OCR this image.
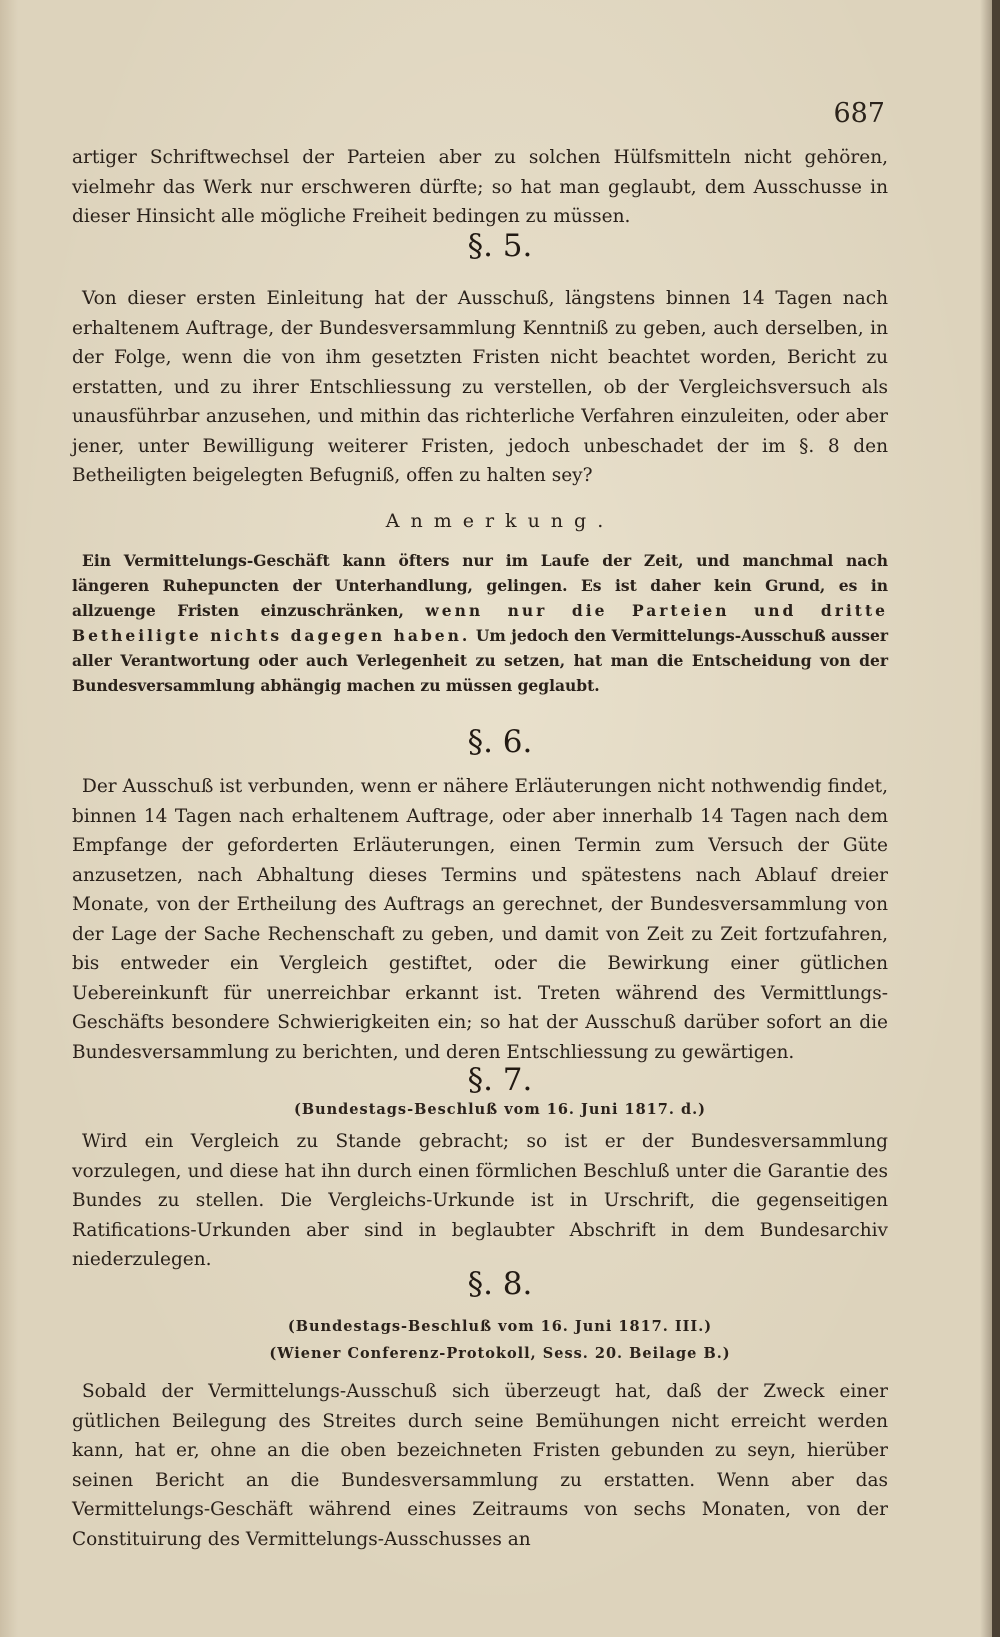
687
artiger Schriftwechsel der Parteien aber zu solchen Hülfsmitteln nicht gehören, vielmehr das Werk nur erschweren dürfte; so hat man geglaubt, dem Ausschusse in dieser Hinsicht alle mögliche Freiheit bedingen zu müssen.
§. 5.
Von dieser ersten Einleitung hat der Ausschuß, längstens binnen 14 Tagen nach erhaltenem Auftrage, der Bundesversammlung Kenntniß zu geben, auch derselben, in der Folge, wenn die von ihm gesetzten Fristen nicht beachtet worden, Bericht zu erstatten, und zu ihrer Entschliessung zu verstellen, ob der Vergleichsversuch als unausführbar anzusehen, und mithin das richterliche Verfahren einzuleiten, oder aber jener, unter Bewilligung weiterer Fristen, jedoch unbeschadet der im §. 8 den Betheiligten beigelegten Befugniß, offen zu halten sey?
Anmerkung.
Ein Vermittelungs-Geschäft kann öfters nur im Laufe der Zeit, und manchmal nach längeren Ruhepuncten der Unterhandlung, gelingen. Es ist daher kein Grund, es in allzuenge Fristen einzuschränken, wenn nur die Parteien und dritte Betheiligte nichts dagegen haben. Um jedoch den Vermittelungs-Ausschuß ausser aller Verantwortung oder auch Verlegenheit zu setzen, hat man die Entscheidung von der Bundesversammlung abhängig machen zu müssen geglaubt.
§. 6.
Der Ausschuß ist verbunden, wenn er nähere Erläuterungen nicht nothwendig findet, binnen 14 Tagen nach erhaltenem Auftrage, oder aber innerhalb 14 Tagen nach dem Empfange der geforderten Erläuterungen, einen Termin zum Versuch der Güte anzusetzen, nach Abhaltung dieses Termins und spätestens nach Ablauf dreier Monate, von der Ertheilung des Auftrags an gerechnet, der Bundesversammlung von der Lage der Sache Rechenschaft zu geben, und damit von Zeit zu Zeit fortzufahren, bis entweder ein Vergleich gestiftet, oder die Bewirkung einer gütlichen Uebereinkunft für unerreichbar erkannt ist. Treten während des Vermittlungs-Geschäfts besondere Schwierigkeiten ein; so hat der Ausschuß darüber sofort an die Bundesversammlung zu berichten, und deren Entschliessung zu gewärtigen.
§. 7.
(Bundestags-Beschluß vom 16. Juni 1817. d.)
Wird ein Vergleich zu Stande gebracht; so ist er der Bundesversammlung vorzulegen, und diese hat ihn durch einen förmlichen Beschluß unter die Garantie des Bundes zu stellen. Die Vergleichs-Urkunde ist in Urschrift, die gegenseitigen Ratifications-Urkunden aber sind in beglaubter Abschrift in dem Bundesarchiv niederzulegen.
§. 8.
(Bundestags-Beschluß vom 16. Juni 1817. III.)
(Wiener Conferenz-Protokoll, Sess. 20. Beilage B.)
Sobald der Vermittelungs-Ausschuß sich überzeugt hat, daß der Zweck einer gütlichen Beilegung des Streites durch seine Bemühungen nicht erreicht werden kann, hat er, ohne an die oben bezeichneten Fristen gebunden zu seyn, hierüber seinen Bericht an die Bundesversammlung zu erstatten. Wenn aber das Vermittelungs-Geschäft während eines Zeitraums von sechs Monaten, von der Constituirung des Vermittelungs-Ausschusses an
